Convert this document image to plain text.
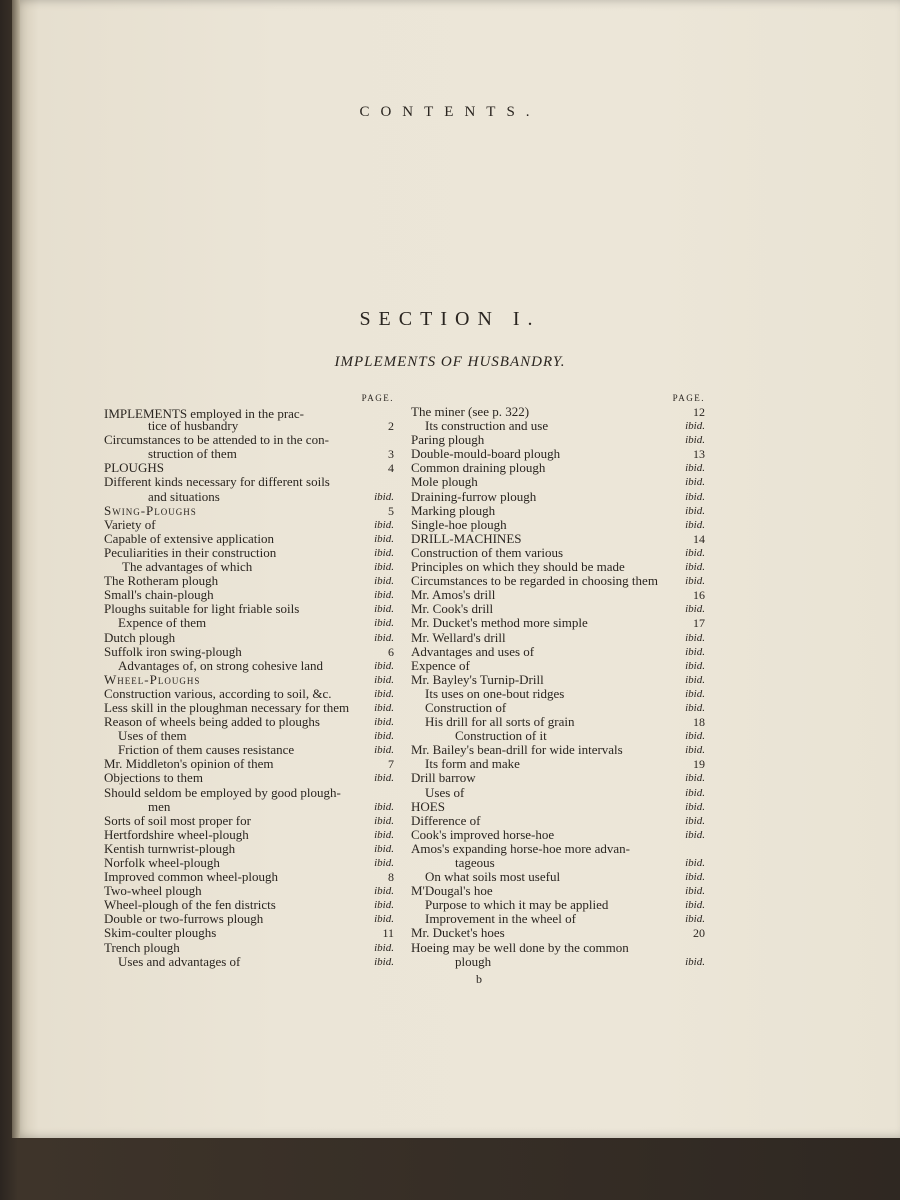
CONTENTS.
SECTION I.
IMPLEMENTS OF HUSBANDRY.
PAGE.
IMPLEMENTS employed in the prac-
tice of husbandry	2
Circumstances to be attended to in the con-
struction of them	3
PLOUGHS	4
Different kinds necessary for different soils
and situations	ibid.
Swing-Ploughs	5
Variety of	ibid.
Capable of extensive application	ibid.
Peculiarities in their construction	ibid.
The advantages of which	ibid.
The Rotheram plough	ibid.
Small's chain-plough	ibid.
Ploughs suitable for light friable soils	ibid.
Expence of them	ibid.
Dutch plough	ibid.
Suffolk iron swing-plough	6
Advantages of, on strong cohesive land	ibid.
Wheel-Ploughs	ibid.
Construction various, according to soil, &c.	ibid.
Less skill in the ploughman necessary for them ibid.
Reason of wheels being added to ploughs	ibid.
Uses of them	ibid.
Friction of them causes resistance	ibid.
Mr. Middleton's opinion of them	7
Objections to them	ibid.
Should seldom be employed by good plough-
men	ibid.
Sorts of soil most proper for	ibid.
Hertfordshire wheel-plough	ibid.
Kentish turnwrist-plough	ibid.
Norfolk wheel-plough	ibid.
Improved common wheel-plough	8
Two-wheel plough	ibid.
Wheel-plough of the fen districts	ibid.
Double or two-furrows plough	ibid.
Skim-coulter ploughs	11
Trench plough	ibid.
Uses and advantages of	ibid.
PAGE.
The miner (see p. 322)	12
Its construction and use	ibid.
Paring plough	ibid.
Double-mould-board plough	13
Common draining plough	ibid.
Mole plough	ibid.
Draining-furrow plough	ibid.
Marking plough	ibid.
Single-hoe plough	ibid.
DRILL-MACHINES	14
Construction of them various	ibid.
Principles on which they should be made	ibid.
Circumstances to be regarded in choosing them ibid.
Mr. Amos's drill	16
Mr. Cook's drill	ibid.
Mr. Ducket's method more simple	17
Mr. Wellard's drill	ibid.
Advantages and uses of	ibid.
Expence of	ibid.
Mr. Bayley's Turnip-Drill	ibid.
Its uses on one-bout ridges	ibid.
Construction of	ibid.
His drill for all sorts of grain	18
Construction of it	ibid.
Mr. Bailey's bean-drill for wide intervals	ibid.
Its form and make	19
Drill barrow	ibid.
Uses of	ibid.
HOES	ibid.
Difference of	ibid.
Cook's improved horse-hoe	ibid.
Amos's expanding horse-hoe more advan-
tageous	ibid.
On what soils most useful	ibid.
M'Dougal's hoe	ibid.
Purpose to which it may be applied	ibid.
Improvement in the wheel of	ibid.
Mr. Ducket's hoes	20
Hoeing may be well done by the common
plough	ibid.
b
